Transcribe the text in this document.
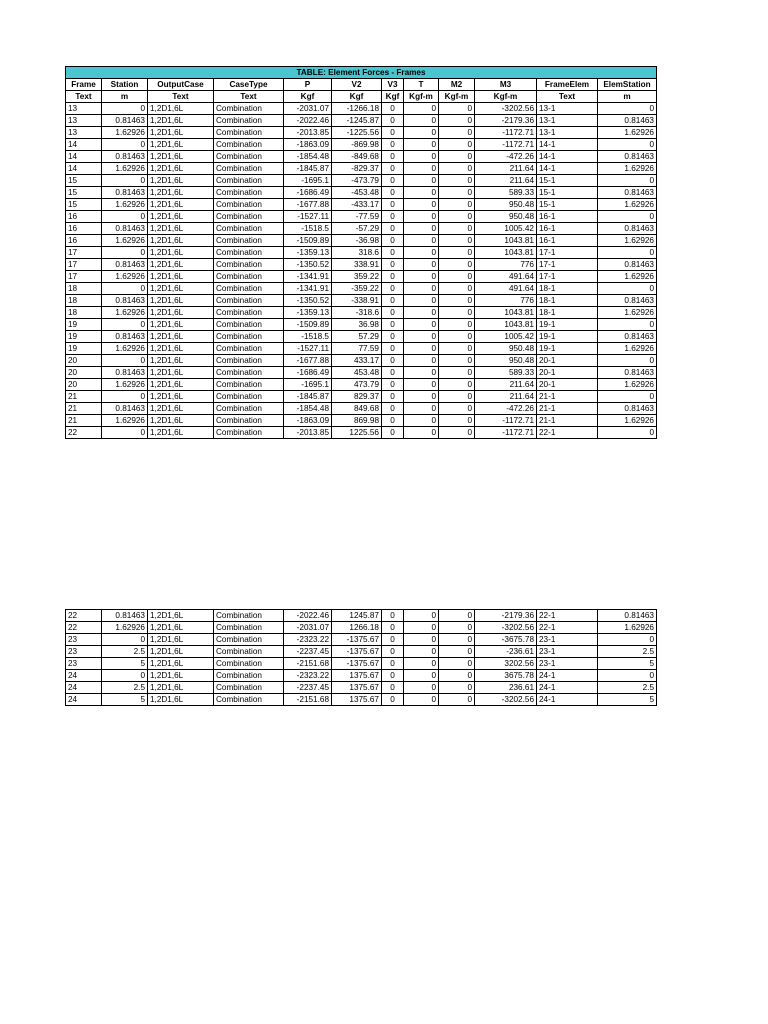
TABLE: Element Forces - Frames											
Frame	Station	OutputCase	CaseType	P	V2	V3	T	M2	M3	FrameElem	ElemStation
Text	m	Text	Text	Kgf	Kgf	Kgf	Kgf-m	Kgf-m	Kgf-m	Text	m
13	0	1,2D1,6L	Combination	-2031.07	-1266.18	0	0	0	-3202.56	13-1	0
13	0.81463	1,2D1,6L	Combination	-2022.46	-1245.87	0	0	0	-2179.36	13-1	0.81463
13	1.62926	1,2D1,6L	Combination	-2013.85	-1225.56	0	0	0	-1172.71	13-1	1.62926
14	0	1,2D1,6L	Combination	-1863.09	-869.98	0	0	0	-1172.71	14-1	0
14	0.81463	1,2D1,6L	Combination	-1854.48	-849.68	0	0	0	-472.26	14-1	0.81463
14	1.62926	1,2D1,6L	Combination	-1845.87	-829.37	0	0	0	211.64	14-1	1.62926
15	0	1,2D1,6L	Combination	-1695.1	-473.79	0	0	0	211.64	15-1	0
15	0.81463	1,2D1,6L	Combination	-1686.49	-453.48	0	0	0	589.33	15-1	0.81463
15	1.62926	1,2D1,6L	Combination	-1677.88	-433.17	0	0	0	950.48	15-1	1.62926
16	0	1,2D1,6L	Combination	-1527.11	-77.59	0	0	0	950.48	16-1	0
16	0.81463	1,2D1,6L	Combination	-1518.5	-57.29	0	0	0	1005.42	16-1	0.81463
16	1.62926	1,2D1,6L	Combination	-1509.89	-36.98	0	0	0	1043.81	16-1	1.62926
17	0	1,2D1,6L	Combination	-1359.13	318.6	0	0	0	1043.81	17-1	0
17	0.81463	1,2D1,6L	Combination	-1350.52	338.91	0	0	0	776	17-1	0.81463
17	1.62926	1,2D1,6L	Combination	-1341.91	359.22	0	0	0	491.64	17-1	1.62926
18	0	1,2D1,6L	Combination	-1341.91	-359.22	0	0	0	491.64	18-1	0
18	0.81463	1,2D1,6L	Combination	-1350.52	-338.91	0	0	0	776	18-1	0.81463
18	1.62926	1,2D1,6L	Combination	-1359.13	-318.6	0	0	0	1043.81	18-1	1.62926
19	0	1,2D1,6L	Combination	-1509.89	36.98	0	0	0	1043.81	19-1	0
19	0.81463	1,2D1,6L	Combination	-1518.5	57.29	0	0	0	1005.42	19-1	0.81463
19	1.62926	1,2D1,6L	Combination	-1527.11	77.59	0	0	0	950.48	19-1	1.62926
20	0	1,2D1,6L	Combination	-1677.88	433.17	0	0	0	950.48	20-1	0
20	0.81463	1,2D1,6L	Combination	-1686.49	453.48	0	0	0	589.33	20-1	0.81463
20	1.62926	1,2D1,6L	Combination	-1695.1	473.79	0	0	0	211.64	20-1	1.62926
21	0	1,2D1,6L	Combination	-1845.87	829.37	0	0	0	211.64	21-1	0
21	0.81463	1,2D1,6L	Combination	-1854.48	849.68	0	0	0	-472.26	21-1	0.81463
21	1.62926	1,2D1,6L	Combination	-1863.09	869.98	0	0	0	-1172.71	21-1	1.62926
22	0	1,2D1,6L	Combination	-2013.85	1225.56	0	0	0	-1172.71	22-1	0
22	0.81463	1,2D1,6L	Combination	-2022.46	1245.87	0	0	0	-2179.36	22-1	0.81463
22	1.62926	1,2D1,6L	Combination	-2031.07	1266.18	0	0	0	-3202.56	22-1	1.62926
23	0	1,2D1,6L	Combination	-2323.22	-1375.67	0	0	0	-3675.78	23-1	0
23	2.5	1,2D1,6L	Combination	-2237.45	-1375.67	0	0	0	-236.61	23-1	2.5
23	5	1,2D1,6L	Combination	-2151.68	-1375.67	0	0	0	3202.56	23-1	5
24	0	1,2D1,6L	Combination	-2323.22	1375.67	0	0	0	3675.78	24-1	0
24	2.5	1,2D1,6L	Combination	-2237.45	1375.67	0	0	0	236.61	24-1	2.5
24	5	1,2D1,6L	Combination	-2151.68	1375.67	0	0	0	-3202.56	24-1	5
